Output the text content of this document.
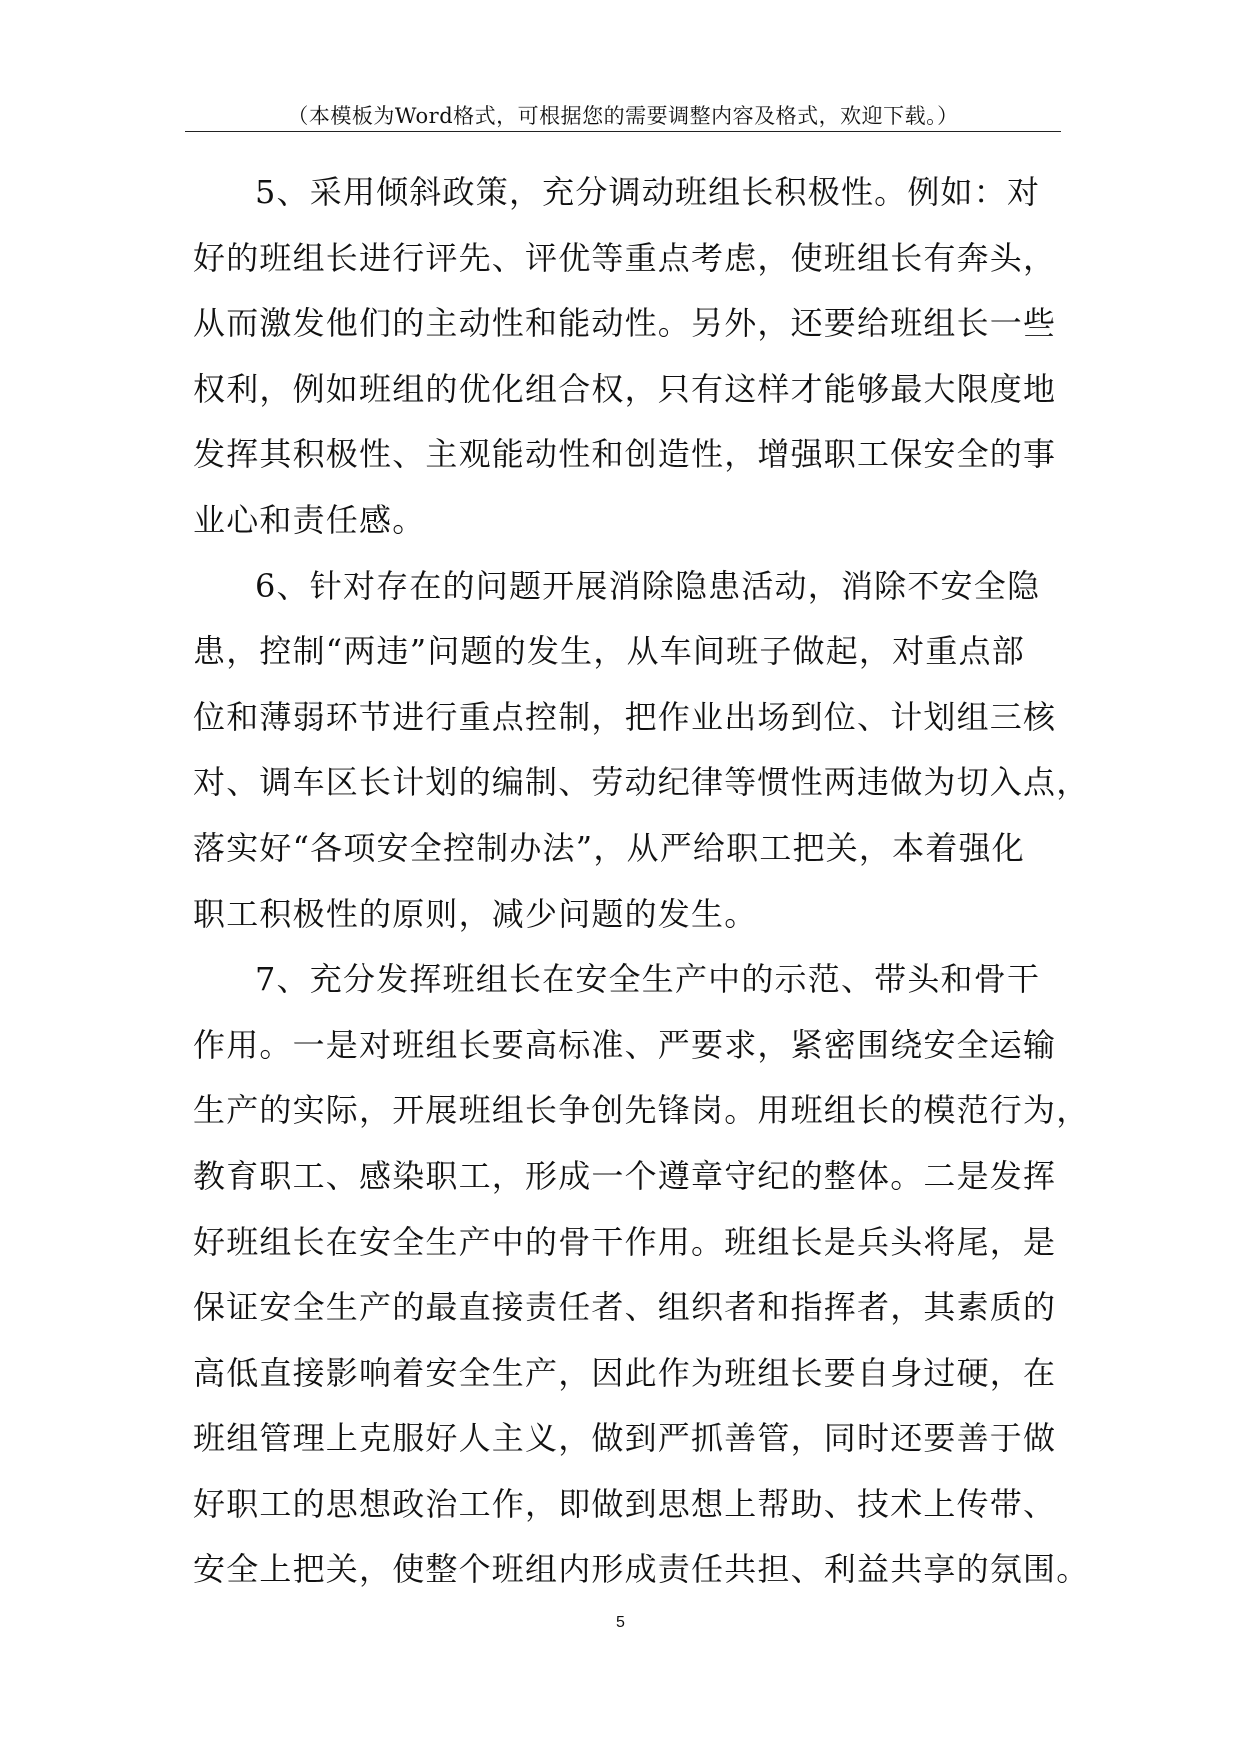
（本模板为Word格式，可根据您的需要调整内容及格式，欢迎下载。）
5、采用倾斜政策，充分调动班组长积极性。例如：对
好的班组长进行评先、评优等重点考虑，使班组长有奔头，
从而激发他们的主动性和能动性。另外，还要给班组长一些
权利，例如班组的优化组合权，只有这样才能够最大限度地
发挥其积极性、主观能动性和创造性，增强职工保安全的事
业心和责任感。
6、针对存在的问题开展消除隐患活动，消除不安全隐
患，控制“两违”问题的发生，从车间班子做起，对重点部
位和薄弱环节进行重点控制，把作业出场到位、计划组三核
对、调车区长计划的编制、劳动纪律等惯性两违做为切入点，
落实好“各项安全控制办法”，从严给职工把关，本着强化
职工积极性的原则，减少问题的发生。
7、充分发挥班组长在安全生产中的示范、带头和骨干
作用。一是对班组长要高标准、严要求，紧密围绕安全运输
生产的实际，开展班组长争创先锋岗。用班组长的模范行为，
教育职工、感染职工，形成一个遵章守纪的整体。二是发挥
好班组长在安全生产中的骨干作用。班组长是兵头将尾，是
保证安全生产的最直接责任者、组织者和指挥者，其素质的
高低直接影响着安全生产，因此作为班组长要自身过硬，在
班组管理上克服好人主义，做到严抓善管，同时还要善于做
好职工的思想政治工作，即做到思想上帮助、技术上传带、
安全上把关，使整个班组内形成责任共担、利益共享的氛围。
5
